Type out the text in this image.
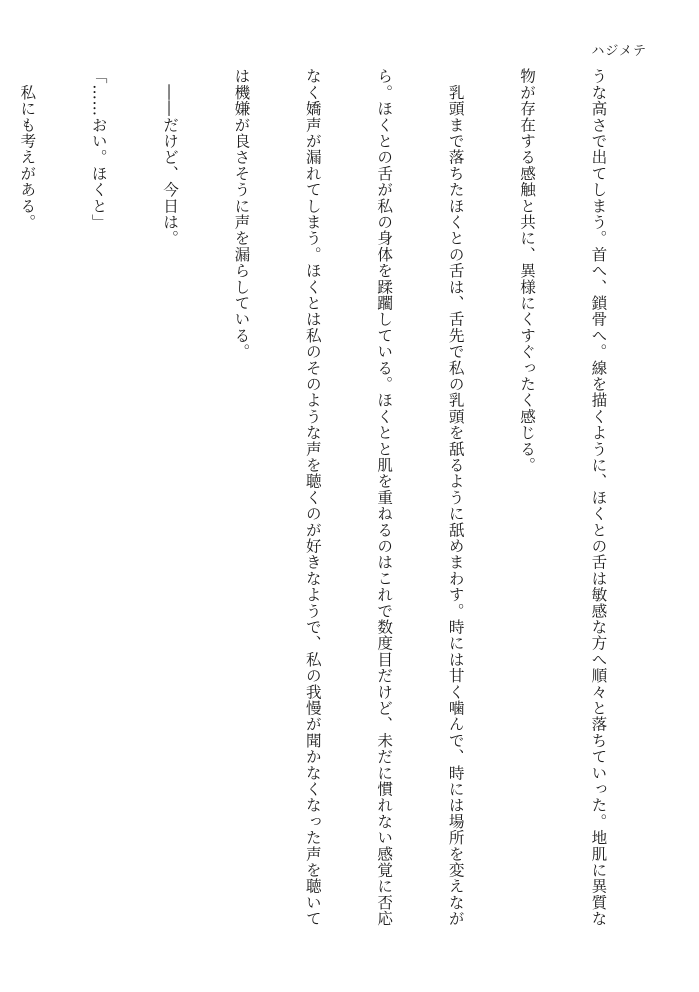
ハジメテ

うな高さで出てしまう。首へ、鎖骨へ。線を描くように、ほくとの舌は敏感な方へ順々と落ちていった。地肌に異質な

物が存在する感触と共に、異様にくすぐったく感じる。

　乳頭まで落ちたほくとの舌は、舌先で私の乳頭を舐るように舐めまわす。時には甘く噛んで、時には場所を変えなが

ら。ほくとの舌が私の身体を蹂躙している。ほくとと肌を重ねるのはこれで数度目だけど、未だに慣れない感覚に否応

なく嬌声が漏れてしまう。ほくとは私のそのような声を聴くのが好きなようで、私の我慢が聞かなくなった声を聴いて

は機嫌が良さそうに声を漏らしている。

　――だけど、今日は。

「……おい。ほくと」

　私にも考えがある。
